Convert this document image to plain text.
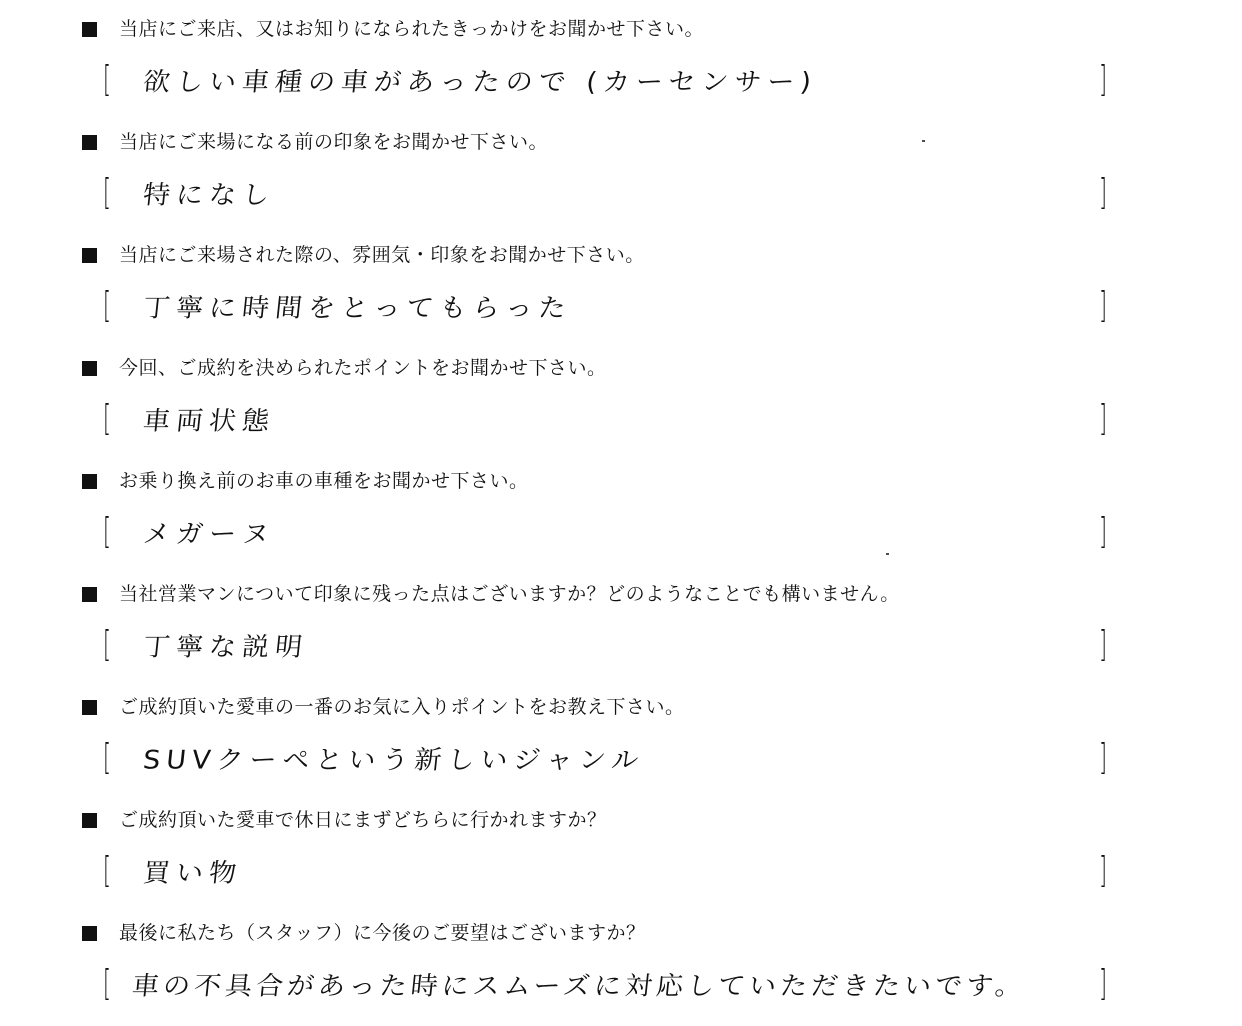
当店にご来店、又はお知りになられたきっかけをお聞かせ下さい。
[ 欲しい車種の車があったので (カーセンサー)	]
当店にご来場になる前の印象をお聞かせ下さい。
[ 特になし	]
当店にご来場された際の、雰囲気・印象をお聞かせ下さい。
[ 丁寧に時間をとってもらった	]
今回、ご成約を決められたポイントをお聞かせ下さい。
[ 車両状態	]
お乗り換え前のお車の車種をお聞かせ下さい。
[ メガーヌ	]
当社営業マンについて印象に残った点はございますか？どのようなことでも構いません。
[ 丁寧な説明	]
ご成約頂いた愛車の一番のお気に入りポイントをお教え下さい。
[ SUVクーペという新しいジャンル	]
ご成約頂いた愛車で休日にまずどちらに行かれますか？
[ 買い物	]
最後に私たち（スタッフ）に今後のご要望はございますか？
[ 車の不具合があった時にスムーズに対応していただきたいです。 ]
